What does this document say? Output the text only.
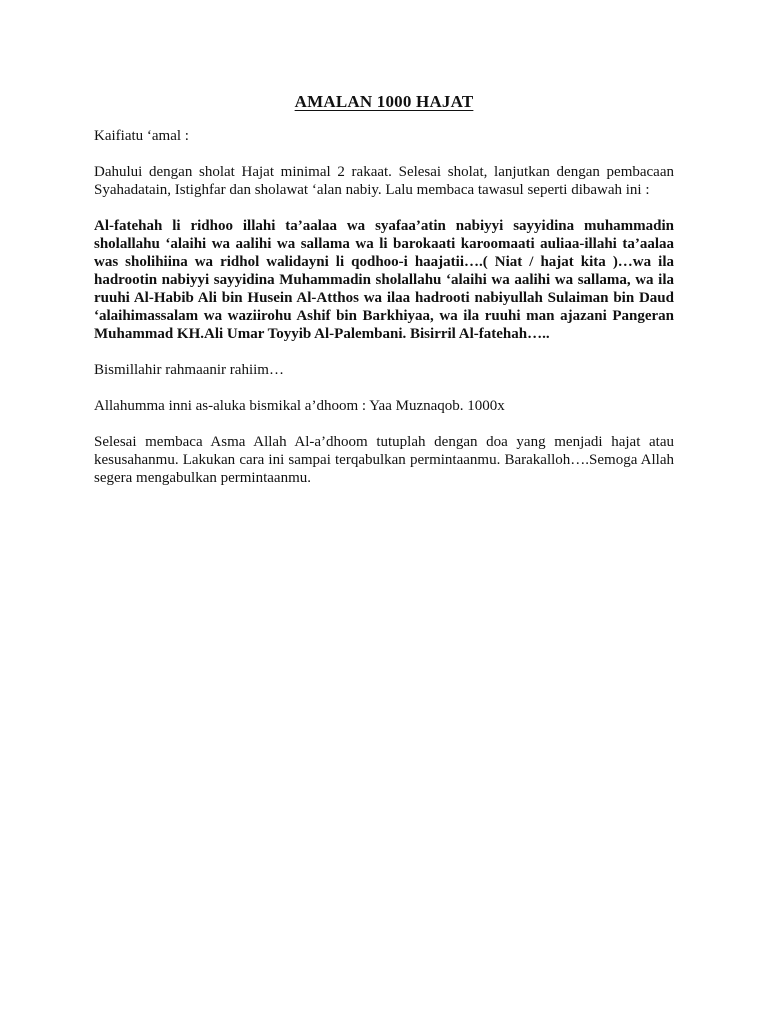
AMALAN 1000 HAJAT

Kaifiatu ‘amal :

Dahului dengan sholat Hajat minimal 2 rakaat. Selesai sholat, lanjutkan dengan pembacaan Syahadatain, Istighfar dan sholawat ‘alan nabiy. Lalu membaca tawasul seperti dibawah ini :

Al-fatehah li ridhoo illahi ta’aalaa wa syafaa’atin nabiyyi sayyidina muhammadin sholallahu ‘alaihi wa aalihi wa sallama wa li barokaati karoomaati auliaa-illahi ta’aalaa was sholihiina wa ridhol walidayni li qodhoo-i haajatii….( Niat / hajat kita )…wa ila hadrootin nabiyyi sayyidina Muhammadin sholallahu ‘alaihi wa aalihi wa sallama, wa ila ruuhi Al-Habib Ali bin Husein Al-Atthos wa ilaa hadrooti nabiyullah Sulaiman bin Daud ‘alaihimassalam wa waziirohu Ashif bin Barkhiyaa, wa ila ruuhi man ajazani Pangeran Muhammad KH.Ali Umar Toyyib Al-Palembani. Bisirril Al-fatehah…..

Bismillahir rahmaanir rahiim…

Allahumma inni as-aluka bismikal a’dhoom : Yaa Muznaqob. 1000x

Selesai membaca Asma Allah Al-a’dhoom tutuplah dengan doa yang menjadi hajat atau kesusahanmu. Lakukan cara ini sampai terqabulkan permintaanmu. Barakalloh….Semoga Allah segera mengabulkan permintaanmu.
